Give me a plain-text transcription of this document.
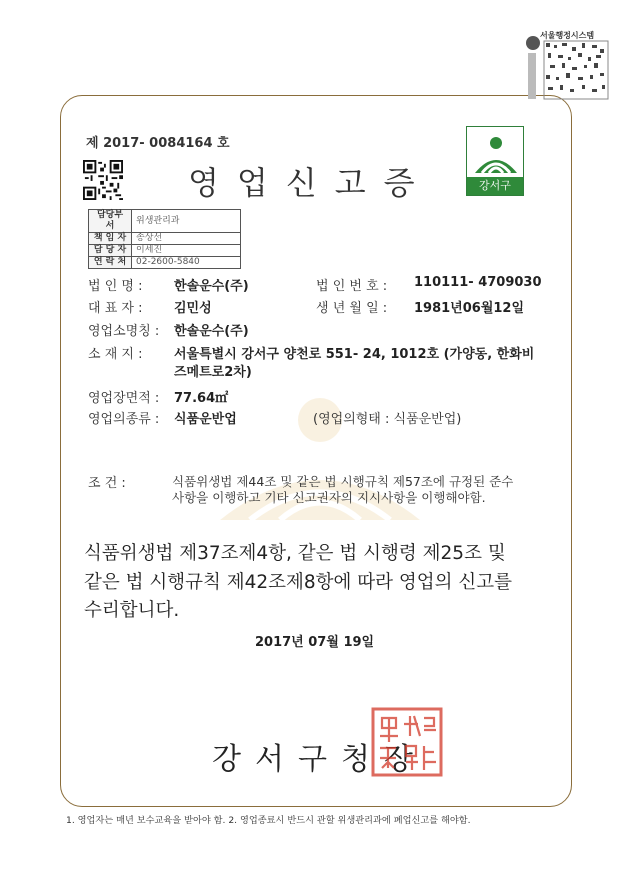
서울행정시스템
제 2017- 0084164 호
영업신고증	강서구
담당부서	위생관리과
책 임 자	송상선
담 당 자	이세진
연 락 처	02-2600-5840
법 인 명 : 한솔운수(주)	법 인 번 호 : 110111- 4709030
대 표 자 : 김민성	생 년 월 일 : 1981년06월12일
영업소명칭 : 한솔운수(주)
소 재 지 : 서울특별시 강서구 양천로 551- 24, 1012호 (가양동, 한화비
즈메트로2차)
영업장면적 : 77.64㎡
영업의종류 : 식품운반업	(영업의형태 : 식품운반업)
조 건 :	식품위생법 제44조 및 같은 법 시행규칙 제57조에 규정된 준수
사항을 이행하고 기타 신고권자의 지시사항을 이행해야함.
식품위생법 제37조제4항, 같은 법 시행령 제25조 및
같은 법 시행규칙 제42조제8항에 따라 영업의 신고를
수리합니다.
2017년 07월 19일
강서구청장
1. 영업자는 매년 보수교육을 받아야 함. 2. 영업종료시 반드시 관할 위생관리과에 폐업신고를 해야함.
